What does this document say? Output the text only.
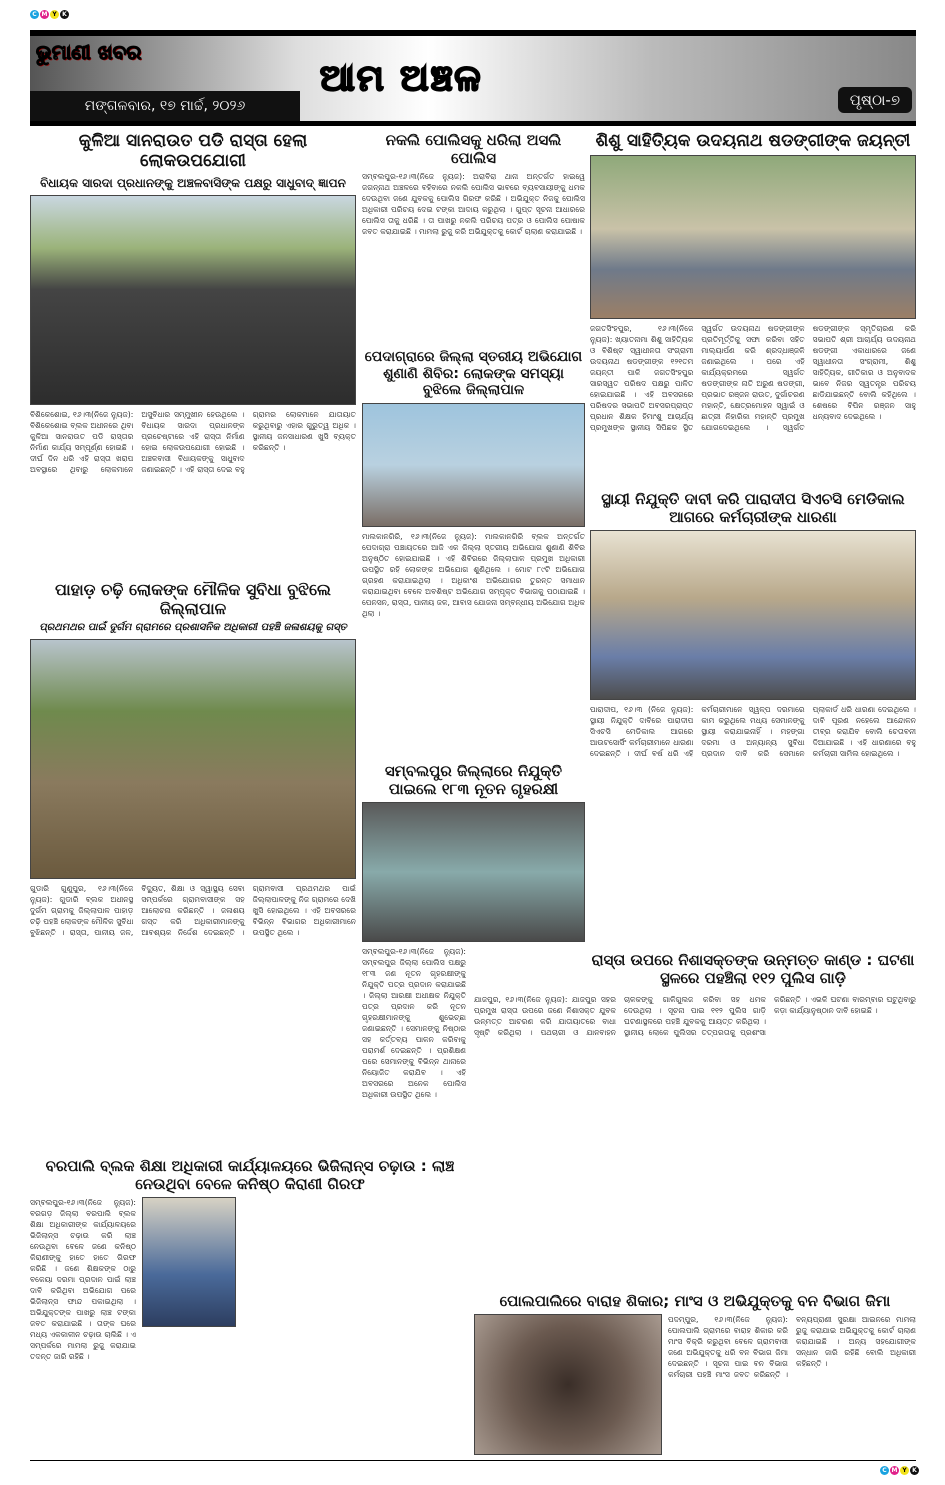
C M Y K
ଭୁମାଣୀ ଖବର
ମଙ୍ଗଳବାର, ୧୭ ମାର୍ଚ୍ଚ, ୨୦୨୬
ଆମ ଅଞ୍ଚଳ
ପୃଷ୍ଠା-୭
କୁଳିଆ ସାନରାଉତ ପଡି ରାସ୍ତା ହେଲା ଲୋକଉପଯୋଗୀ
ବିଧାୟକ ସାରଦା ପ୍ରଧାନଙ୍କୁ ଅଞ୍ଚଳବାସିଙ୍କ ପକ୍ଷରୁ ସାଧୁବାଦ୍ ଜ୍ଞାପନ
ବିଶିକେଶୋଇ, ୧୬।୩(ନିଜେ ନ୍ୟୁଜ): ବିଶିକେଶୋଇ ବ୍ଲକ ଅଧୀନରେ ଥିବା କୁଳିଆ ସାନରାଉତ ପଡି ରାସ୍ତାର ନିର୍ମାଣ କାର୍ଯ୍ୟ ସମ୍ପୂର୍ଣ୍ଣ ହୋଇଛି । ଦୀର୍ଘ ଦିନ ଧରି ଏହି ରାସ୍ତା ଖରାପ ଅବସ୍ଥାରେ ଥିବାରୁ ଲୋକମାନେ ଅସୁବିଧାର ସମ୍ମୁଖୀନ ହେଉଥିଲେ । ବିଧାୟକ ସାରଦା ପ୍ରଧାନଙ୍କ ପ୍ରଚେଷ୍ଟାରେ ଏହି ରାସ୍ତା ନିର୍ମାଣ ହୋଇ ଲୋକଉପଯୋଗୀ ହୋଇଛି । ଅଞ୍ଚଳବାସୀ ବିଧାୟକଙ୍କୁ ସାଧୁବାଦ ଜଣାଇଛନ୍ତି । ଏହି ରାସ୍ତା ଦେଇ ବହୁ ଗ୍ରାମର ଲୋକମାନେ ଯାତାୟାତ କରୁଥିବାରୁ ଏହାର ଗୁରୁତ୍ୱ ଅଧିକ । ସ୍ଥାନୀୟ ଜନସାଧାରଣ ଖୁସି ବ୍ୟକ୍ତ କରିଛନ୍ତି ।
ପାହାଡ଼ ଚଢ଼ି ଲୋକଙ୍କ ମୌଳିକ ସୁବିଧା ବୁଝିଲେ ଜିଲ୍ଲାପାଳ
ପ୍ରଥମଥର ପାଇଁ ଦୁର୍ଗମ ଗ୍ରାମରେ ପ୍ରଶାସନିକ ଅଧିକାରୀ ପହଞ୍ଚି ଜଳାଶୟକୁ ଗସ୍ତ
ଗୁଡାରି ଗୁଣୁପୁର, ୧୬।୩(ନିଜେ ନ୍ୟୁଜ): ଗୁଡାରି ବ୍ଲକ ଅଧୀନସ୍ଥ ଦୁର୍ଗମ ଗ୍ରାମକୁ ଜିଲ୍ଲାପାଳ ପାହାଡ଼ ଚଢ଼ି ପହଞ୍ଚି ଲୋକଙ୍କ ମୌଳିକ ସୁବିଧା ବୁଝିଛନ୍ତି । ରାସ୍ତା, ପାନୀୟ ଜଳ, ବିଦ୍ୟୁତ, ଶିକ୍ଷା ଓ ସ୍ୱାସ୍ଥ୍ୟ ସେବା ସମ୍ପର୍କରେ ଗ୍ରାମବାସୀଙ୍କ ସହ ଆଲୋଚନା କରିଛନ୍ତି । ଜଳାଶୟ ଗସ୍ତ କରି ଅଧିକାରୀମାନଙ୍କୁ ଆବଶ୍ୟକ ନିର୍ଦ୍ଦେଶ ଦେଇଛନ୍ତି । ଗ୍ରାମବାସୀ ପ୍ରଥମଥର ପାଇଁ ଜିଲ୍ଲାପାଳଙ୍କୁ ନିଜ ଗ୍ରାମରେ ଦେଖି ଖୁସି ହୋଇଥିଲେ । ଏହି ଅବସରରେ ବିଭିନ୍ନ ବିଭାଗର ଅଧିକାରୀମାନେ ଉପସ୍ଥିତ ଥିଲେ ।
ନକଲି ପୋଲିସକୁ ଧରିଲା ଅସଲି ପୋଲିସ
ସମ୍ବଲପୁର-୧୬।୩(ନିଜେ ନ୍ୟୁଜ): ଅରାବିରା ଥାନା ଅନ୍ତର୍ଗତ ହାଇୱେ ଜଗନ୍ନାଥ ଅଞ୍ଚଳରେ ବହିବାରେ ନକଲି ପୋଲିସ ଭାବରେ ବ୍ୟବସାୟୀଙ୍କୁ ଧମକ ଦେଉଥିବା ଜଣେ ଯୁବକକୁ ପୋଲିସ ଗିରଫ କରିଛି । ଅଭିଯୁକ୍ତ ନିଜକୁ ପୋଲିସ ଅଧିକାରୀ ପରିଚୟ ଦେଇ ଟଙ୍କା ଆଦାୟ କରୁଥିଲା । ଗୁପ୍ତ ସୂଚନା ଆଧାରରେ ପୋଲିସ ତାକୁ ଧରିଛି । ତା ପାଖରୁ ନକଲି ପରିଚୟ ପତ୍ର ଓ ପୋଲିସ ପୋଷାକ ଜବତ କରାଯାଇଛି । ମାମଲା ରୁଜୁ କରି ଅଭିଯୁକ୍ତକୁ କୋର୍ଟ ଚାଲାଣ କରାଯାଇଛି ।
ପେଦାଗ୍ରାରେ ଜିଲ୍ଲା ସ୍ତରୀୟ ଅଭିଯୋଗ ଶୁଣାଣି ଶିବିର: ଲୋକଙ୍କ ସମସ୍ୟା ବୁଝିଲେ ଜିଲ୍ଲାପାଳ
ମାଲକାନଗିରି, ୧୬।୩(ନିଜେ ନ୍ୟୁଜ): ମାଲକାନଗିରି ବ୍ଲକ ଅନ୍ତର୍ଗତ ପେଦାଗ୍ରା ପଞ୍ଚାୟତରେ ଆଜି ଏକ ଜିଲ୍ଲା ସ୍ତରୀୟ ଅଭିଯୋଗ ଶୁଣାଣି ଶିବିର ଅନୁଷ୍ଠିତ ହୋଇଯାଇଛି । ଏହି ଶିବିରରେ ଜିଲ୍ଲାପାଳ ପ୍ରମୁଖ ଅଧିକାରୀ ଉପସ୍ଥିତ ରହି ଲୋକଙ୍କ ଅଭିଯୋଗ ଶୁଣିଥିଲେ । ମୋଟ ୮୯ଟି ଅଭିଯୋଗ ଗ୍ରହଣ କରାଯାଇଥିଲା । ଅଧିକାଂଶ ଅଭିଯୋଗର ତୁରନ୍ତ ସମାଧାନ କରାଯାଇଥିବା ବେଳେ ଅବଶିଷ୍ଟ ଅଭିଯୋଗ ସମ୍ପୃକ୍ତ ବିଭାଗକୁ ପଠାଯାଇଛି । ପେନସନ, ରାସ୍ତା, ପାନୀୟ ଜଳ, ଆବାସ ଯୋଜନା ସମ୍ବନ୍ଧୀୟ ଅଭିଯୋଗ ଅଧିକ ଥିଲା ।
ସମ୍ବଲପୁର ଜିଲ୍ଲାରେ ନିଯୁକ୍ତି ପାଇଲେ ୧୮୩ ନୂତନ ଗୃହରକ୍ଷୀ
ସମ୍ବଲପୁର-୧୬।୩(ନିଜେ ନ୍ୟୁଜ): ସମ୍ବଲପୁର ଜିଲ୍ଲା ପୋଲିସ ପକ୍ଷରୁ ୧୮୩ ଜଣ ନୂତନ ଗୃହରକ୍ଷୀଙ୍କୁ ନିଯୁକ୍ତି ପତ୍ର ପ୍ରଦାନ କରାଯାଇଛି । ଜିଲ୍ଲା ଆରକ୍ଷୀ ଅଧୀକ୍ଷକ ନିଯୁକ୍ତି ପତ୍ର ପ୍ରଦାନ କରି ନୂତନ ଗୃହରକ୍ଷୀମାନଙ୍କୁ ଶୁଭେଚ୍ଛା ଜଣାଇଛନ୍ତି । ସେମାନଙ୍କୁ ନିଷ୍ଠାର ସହ କର୍ତ୍ତବ୍ୟ ପାଳନ କରିବାକୁ ପରାମର୍ଶ ଦେଇଛନ୍ତି । ପ୍ରଶିକ୍ଷଣ ପରେ ସେମାନଙ୍କୁ ବିଭିନ୍ନ ଥାନାରେ ନିୟୋଜିତ କରାଯିବ । ଏହି ଅବସରରେ ଅନେକ ପୋଲିସ ଅଧିକାରୀ ଉପସ୍ଥିତ ଥିଲେ ।
ଶିଶୁ ସାହିତ୍ୟିକ ଉଦୟନାଥ ଷଡଙ୍ଗୀଙ୍କ ଜୟନ୍ତୀ
ଜଗତସିଂହପୁର, ୧୬।୩(ନିଜେ ନ୍ୟୁଜ): ଖ୍ୟାତନାମା ଶିଶୁ ସାହିତ୍ୟିକ ଓ ବିଶିଷ୍ଟ ସ୍ୱାଧୀନତା ସଂଗ୍ରାମୀ ଉଦୟନାଥ ଷଡଙ୍ଗୀଙ୍କ ୧୨୧ତମ ଜୟନ୍ତୀ ପାଳି ଜଗତସିଂହପୁର ସାରସ୍ୱତ ପରିଷଦ ପକ୍ଷରୁ ପାଳିତ ହୋଇଯାଇଛି । ଏହି ଅବସରରେ ପରିଷଦର ସଭାପତି ଅବସରପ୍ରାପ୍ତ ପ୍ରଧାନ ଶିକ୍ଷକ ହିମାଂଶୁ ଆଚାର୍ଯ୍ୟ ପ୍ରମୁଖଙ୍କ ସ୍ଥାନୀୟ ସିପିଛକ ସ୍ଥିତ ସ୍ୱର୍ଗତ ଉଦୟନାଥ ଷଡଙ୍ଗୀଙ୍କ ପ୍ରତିମୂର୍ତ୍ତିକୁ ସଫା କରିବା ସହିତ ମାଲ୍ୟାର୍ପଣ କରି ଶ୍ରଦ୍ଧାଞ୍ଜଳି ଜଣାଇଥିଲେ । ପରେ ଏହି କାର୍ଯ୍ୟକ୍ରମରେ ସ୍ୱର୍ଗତ ଷଡଙ୍ଗୀଙ୍କ ନାତି ଅରୁଣ ଷଡଙ୍ଗୀ, ପ୍ରଭାତ ରଞ୍ଜନ ରାଉତ, ଦୁର୍ଗାଚରଣ ମହାନ୍ତି, କ୍ଷେତ୍ରମୋହନ ସ୍ୱାଇଁ ଓ ଛାତ୍ରୀ ନିହାରିକା ମହାନ୍ତି ପ୍ରମୁଖ ଯୋଗଦେଇଥିଲେ । ସ୍ୱର୍ଗତ ଷଡଙ୍ଗୀଙ୍କ ସ୍ମୃତିଚାରଣ କରି ସଭାପତି ଶ୍ରୀ ଆଚାର୍ଯ୍ୟ ଉଦୟନାଥ ଷଡଙ୍ଗୀ ଏକାଧାରରେ ଜଣେ ସ୍ୱାଧୀନତା ସଂଗ୍ରାମୀ, ଶିଶୁ ସାହିତ୍ୟିକ, ଗୀତିକାର ଓ ଅନୁବାଦକ ଭାବେ ନିଜର ସ୍ୱତନ୍ତ୍ର ପରିଚୟ ଛାଡିଯାଇଛନ୍ତି ବୋଲି କହିଥିଲେ । ଶେଷରେ ବିପିନ ରଞ୍ଜନ ସାହୁ ଧନ୍ୟବାଦ ଦେଇଥିଲେ ।
ସ୍ଥାୟୀ ନିଯୁକ୍ତି ଦାବୀ କରି ପାରାଦୀପ ସିଏଚସି ମେଡିକାଲ ଆଗରେ କର୍ମଚାରୀଙ୍କ ଧାରଣା
ପାରାଦୀପ, ୧୬।୩ (ନିଜେ ନ୍ୟୁଜ): ସ୍ଥାୟୀ ନିଯୁକ୍ତି ଦାବିରେ ପାରାଦୀପ ସିଏଚସି ମେଡିକାଲ ଆଗରେ ଆଉଟସୋର୍ସିଂ କର୍ମଚାରୀମାନେ ଧାରଣା ଦେଇଛନ୍ତି । ଦୀର୍ଘ ବର୍ଷ ଧରି ଏହି କର୍ମଚାରୀମାନେ ସ୍ୱଳ୍ପ ଦରମାରେ କାମ କରୁଥିଲେ ମଧ୍ୟ ସେମାନଙ୍କୁ ସ୍ଥାୟୀ କରାଯାଇନାହିଁ । ମହଙ୍ଗା ଦରମା ଓ ଅନ୍ୟାନ୍ୟ ସୁବିଧା ପ୍ରଦାନ ଦାବି କରି ସେମାନେ ପ୍ଲାକାର୍ଡ ଧରି ଧାରଣା ଦେଇଥିଲେ । ଦାବି ପୂରଣ ନହେଲେ ଆନ୍ଦୋଳନ ତୀବ୍ର କରାଯିବ ବୋଲି ଚେତାବନୀ ଦିଆଯାଇଛି । ଏହି ଧାରଣାରେ ବହୁ କର୍ମଚାରୀ ସାମିଲ ହୋଇଥିଲେ ।
ରାସ୍ତା ଉପରେ ନିଶାସକ୍ତଙ୍କ ଉନ୍ମତ୍ତ କାଣ୍ଡ : ଘଟଣା ସ୍ଥଳରେ ପହଞ୍ଚିଲା ୧୧୨ ପୁଲିସ ଗାଡ଼ି
ଯାଜପୁର, ୧୬।୩(ନିଜେ ନ୍ୟୁଜ): ଯାଜପୁର ସହର ପ୍ରମୁଖ ରାସ୍ତା ଉପରେ ଜଣେ ନିଶାସକ୍ତ ଯୁବକ ଉନ୍ମତ୍ତ ଆଚରଣ କରି ଯାତାୟାତରେ ବାଧା ସୃଷ୍ଟି କରିଥିଲା । ପଥଚାରୀ ଓ ଯାନବାହନ ଚାଳକଙ୍କୁ ଗାଳିଗୁଲଜ କରିବା ସହ ଧମକ ଦେଉଥିଲା । ସୂଚନା ପାଇ ୧୧୨ ପୁଲିସ ଗାଡ଼ି ଘଟଣାସ୍ଥଳରେ ପହଞ୍ଚି ଯୁବକକୁ ଆୟତ୍ତ କରିଥିଲା । ସ୍ଥାନୀୟ ଲୋକେ ପୁଲିସର ତତ୍ପରତାକୁ ପ୍ରଶଂସା କରିଛନ୍ତି । ଏଭଳି ଘଟଣା ବାରମ୍ବାର ଘଟୁଥିବାରୁ କଡ଼ା କାର୍ଯ୍ୟାନୁଷ୍ଠାନ ଦାବି ହୋଇଛି ।
ବରପାଲି ବ୍ଲକ ଶିକ୍ଷା ଅଧିକାରୀ କାର୍ଯ୍ୟାଳୟରେ ଭିଜିଲାନ୍ସ ଚଢ଼ାଉ : ଲାଞ୍ଚ ନେଉଥିବା ବେଳେ କନିଷ୍ଠ କିରାଣୀ ଗିରଫ
ସମ୍ବଲପୁର-୧୬।୩(ନିଜେ ନ୍ୟୁଜ): ବରଗଡ଼ ଜିଲ୍ଲା ବରପାଲି ବ୍ଲକ ଶିକ୍ଷା ଅଧିକାରୀଙ୍କ କାର୍ଯ୍ୟାଳୟରେ ଭିଜିଲାନ୍ସ ଚଢ଼ାଉ କରି ଲାଞ୍ଚ ନେଉଥିବା ବେଳେ ଜଣେ କନିଷ୍ଠ କିରାଣୀଙ୍କୁ ହାତେ ହାତେ ଗିରଫ କରିଛି । ଜଣେ ଶିକ୍ଷକଙ୍କ ଠାରୁ ବକେୟା ଦରମା ପ୍ରଦାନ ପାଇଁ ଲାଞ୍ଚ ଦାବି କରିଥିବା ଅଭିଯୋଗ ପରେ ଭିଜିଲାନ୍ସ ଫାନ୍ଦ ପକାଇଥିଲା । ଅଭିଯୁକ୍ତଙ୍କ ପାଖରୁ ଲାଞ୍ଚ ଟଙ୍କା ଜବତ କରାଯାଇଛି । ତାଙ୍କ ଘରେ ମଧ୍ୟ ଏକକାଳୀନ ଚଢ଼ାଉ ଚାଲିଛି । ଏ ସମ୍ପର୍କରେ ମାମଲା ରୁଜୁ କରାଯାଇ ତଦନ୍ତ ଜାରି ରହିଛି ।
ପୋଲପାଲିରେ ବାରାହ ଶିକାର; ମାଂସ ଓ ଅଭିଯୁକ୍ତକୁ ବନ ବିଭାଗ ଜିମା
ପଦମ୍ପୁର, ୧୬।୩(ନିଜେ ନ୍ୟୁଜ): ପୋଲପାଲି ଗ୍ରାମରେ ବାରାହ ଶିକାର କରି ମାଂସ ବିକ୍ରି କରୁଥିବା ବେଳେ ଗ୍ରାମବାସୀ ଜଣେ ଅଭିଯୁକ୍ତକୁ ଧରି ବନ ବିଭାଗ ଜିମା ଦେଇଛନ୍ତି । ସୂଚନା ପାଇ ବନ ବିଭାଗ କର୍ମଚାରୀ ପହଞ୍ଚି ମାଂସ ଜବତ କରିଛନ୍ତି । ବନ୍ୟପ୍ରାଣୀ ସୁରକ୍ଷା ଆଇନରେ ମାମଲା ରୁଜୁ କରାଯାଇ ଅଭିଯୁକ୍ତକୁ କୋର୍ଟ ଚାଲାଣ କରାଯାଇଛି । ଅନ୍ୟ ସହଯୋଗୀଙ୍କ ସନ୍ଧାନ ଜାରି ରହିଛି ବୋଲି ଅଧିକାରୀ କହିଛନ୍ତି ।
C M Y K
